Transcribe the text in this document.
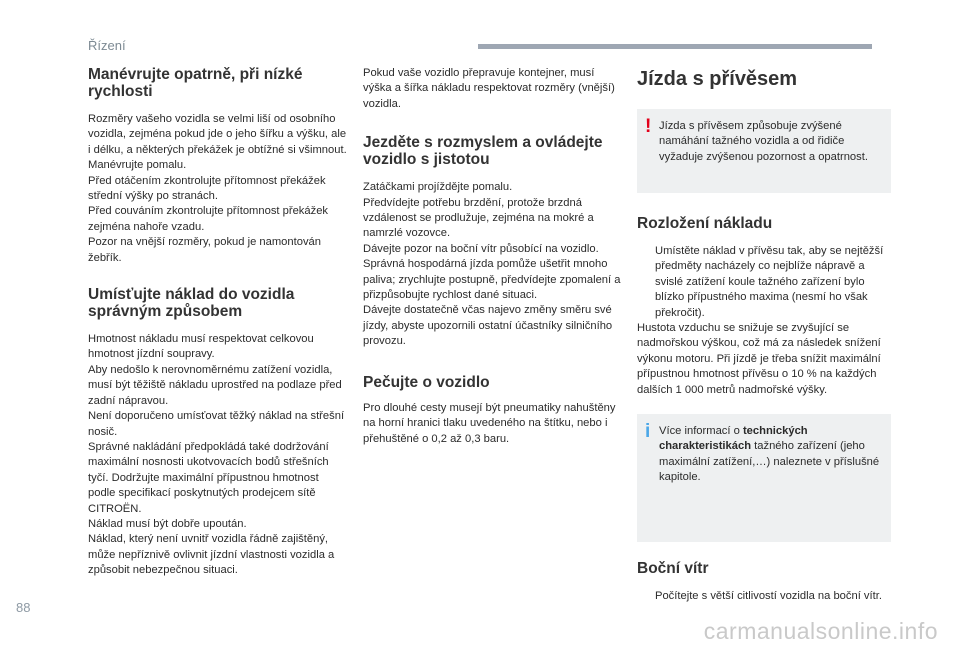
Řízení
Manévrujte opatrně, při nízké rychlosti

Rozměry vašeho vozidla se velmi liší od osobního vozidla, zejména pokud jde o jeho šířku a výšku, ale i délku, a některých překážek je obtížné si všimnout.
Manévrujte pomalu.
Před otáčením zkontrolujte přítomnost překážek střední výšky po stranách.
Před couváním zkontrolujte přítomnost překážek zejména nahoře vzadu.
Pozor na vnější rozměry, pokud je namontován žebřík.

Umísťujte náklad do vozidla správným způsobem

Hmotnost nákladu musí respektovat celkovou hmotnost jízdní soupravy.
Aby nedošlo k nerovnoměrnému zatížení vozidla, musí být těžiště nákladu uprostřed na podlaze před zadní nápravou.
Není doporučeno umísťovat těžký náklad na střešní nosič.
Správné nakládání předpokládá také dodržování maximální nosnosti ukotvovacích bodů střešních tyčí. Dodržujte maximální přípustnou hmotnost podle specifikací poskytnutých prodejcem sítě CITROËN.
Náklad musí být dobře upoután.
Náklad, který není uvnitř vozidla řádně zajištěný, může nepříznivě ovlivnit jízdní vlastnosti vozidla a způsobit nebezpečnou situaci.

Pokud vaše vozidlo přepravuje kontejner, musí výška a šířka nákladu respektovat rozměry (vnější) vozidla.

Jezděte s rozmyslem a ovládejte vozidlo s jistotou

Zatáčkami projíždějte pomalu.
Předvídejte potřebu brzdění, protože brzdná vzdálenost se prodlužuje, zejména na mokré a namrzlé vozovce.
Dávejte pozor na boční vítr působící na vozidlo.
Správná hospodárná jízda pomůže ušetřit mnoho paliva; zrychlujte postupně, předvídejte zpomalení a přizpůsobujte rychlost dané situaci.
Dávejte dostatečně včas najevo změny směru své jízdy, abyste upozornili ostatní účastníky silničního provozu.

Pečujte o vozidlo

Pro dlouhé cesty musejí být pneumatiky nahuštěny na horní hranici tlaku uvedeného na štítku, nebo i přehuštěné o 0,2 až 0,3 baru.

Jízda s přívěsem
! Jízda s přívěsem způsobuje zvýšené namáhání tažného vozidla a od řidiče vyžaduje zvýšenou pozornost a opatrnost.
Rozložení nákladu
Umístěte náklad v přívěsu tak, aby se nejtěžší předměty nacházely co nejblíže nápravě a svislé zatížení koule tažného zařízení bylo blízko přípustného maxima (nesmí ho však překročit).

Hustota vzduchu se snižuje se zvyšující se nadmořskou výškou, což má za následek snížení výkonu motoru. Při jízdě je třeba snížit maximální přípustnou hmotnost přívěsu o 10 % na každých dalších 1 000 metrů nadmořské výšky.

i Více informací o technických charakteristikách tažného zařízení (jeho maximální zatížení,…) naleznete v příslušné kapitole.
Boční vítr
Počítejte s větší citlivostí vozidla na boční vítr.
88
carmanualsonline.info
